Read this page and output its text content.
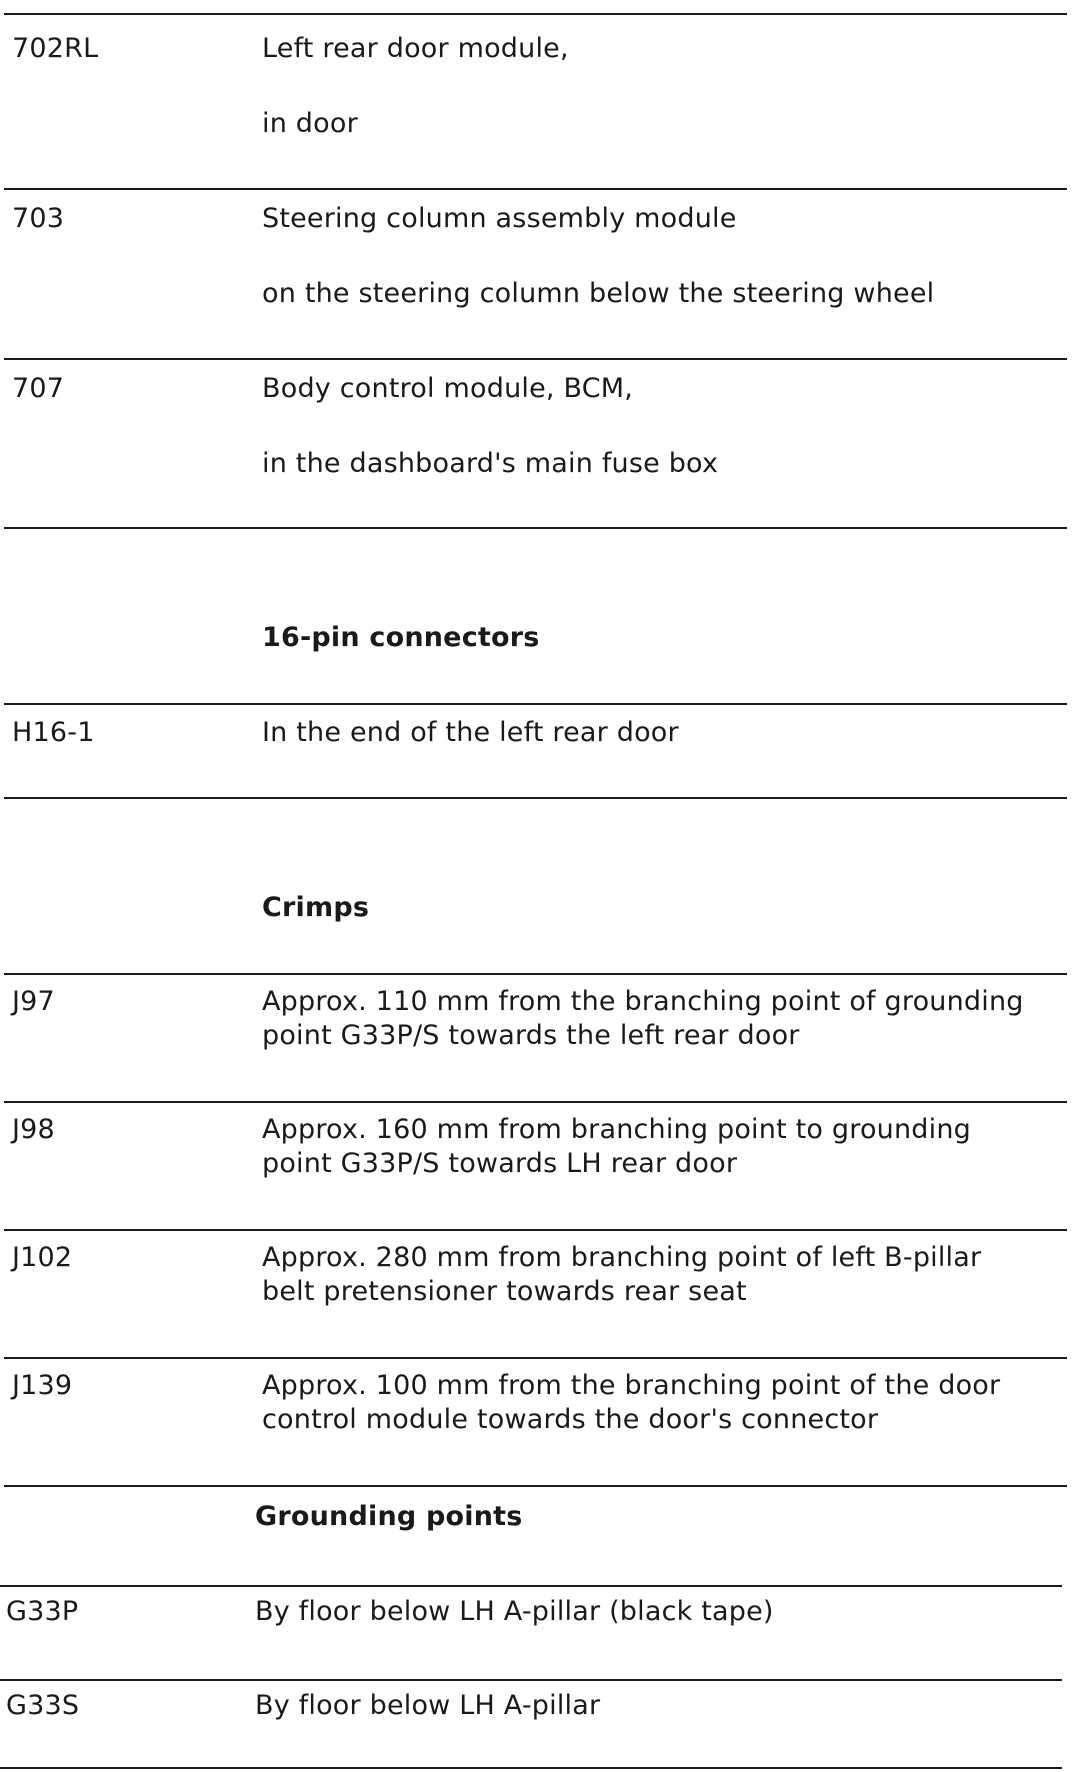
702RL	Left rear door module,
in door
703	Steering column assembly module
on the steering column below the steering wheel
707	Body control module, BCM,
in the dashboard's main fuse box
16-pin connectors
H16-1	In the end of the left rear door
Crimps
J97	Approx. 110 mm from the branching point of grounding
point G33P/S towards the left rear door
J98	Approx. 160 mm from branching point to grounding
point G33P/S towards LH rear door
J102	Approx. 280 mm from branching point of left B-pillar
belt pretensioner towards rear seat
J139	Approx. 100 mm from the branching point of the door
control module towards the door's connector
Grounding points
G33P	By floor below LH A-pillar (black tape)
G33S	By floor below LH A-pillar
